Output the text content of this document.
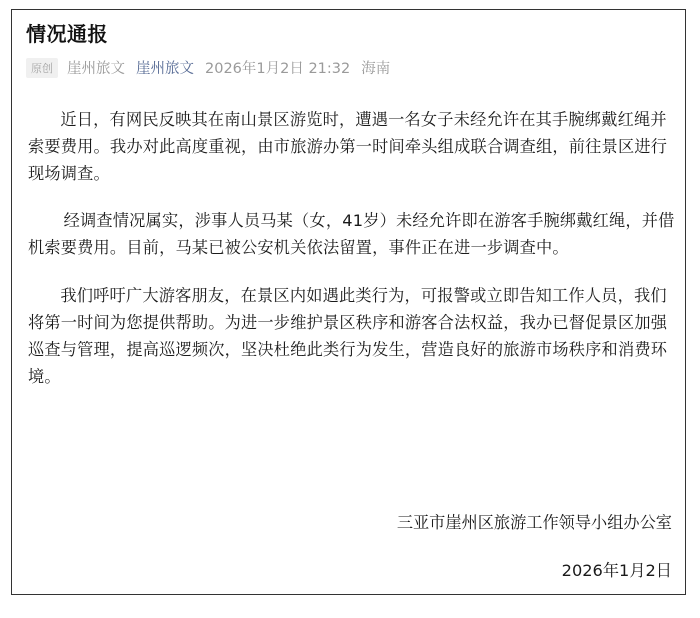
情况通报
原创 崖州旅文 崖州旅文 2026年1月2日 21:32 海南

近日，有网民反映其在南山景区游览时，遭遇一名女子未经允许在其手腕绑戴红绳并索要费用。我办对此高度重视，由市旅游办第一时间牵头组成联合调查组，前往景区进行现场调查。

经调查情况属实，涉事人员马某（女，41岁）未经允许即在游客手腕绑戴红绳，并借机索要费用。目前，马某已被公安机关依法留置，事件正在进一步调查中。

我们呼吁广大游客朋友，在景区内如遇此类行为，可报警或立即告知工作人员，我们将第一时间为您提供帮助。为进一步维护景区秩序和游客合法权益，我办已督促景区加强巡查与管理，提高巡逻频次，坚决杜绝此类行为发生，营造良好的旅游市场秩序和消费环境。

三亚市崖州区旅游工作领导小组办公室
2026年1月2日
